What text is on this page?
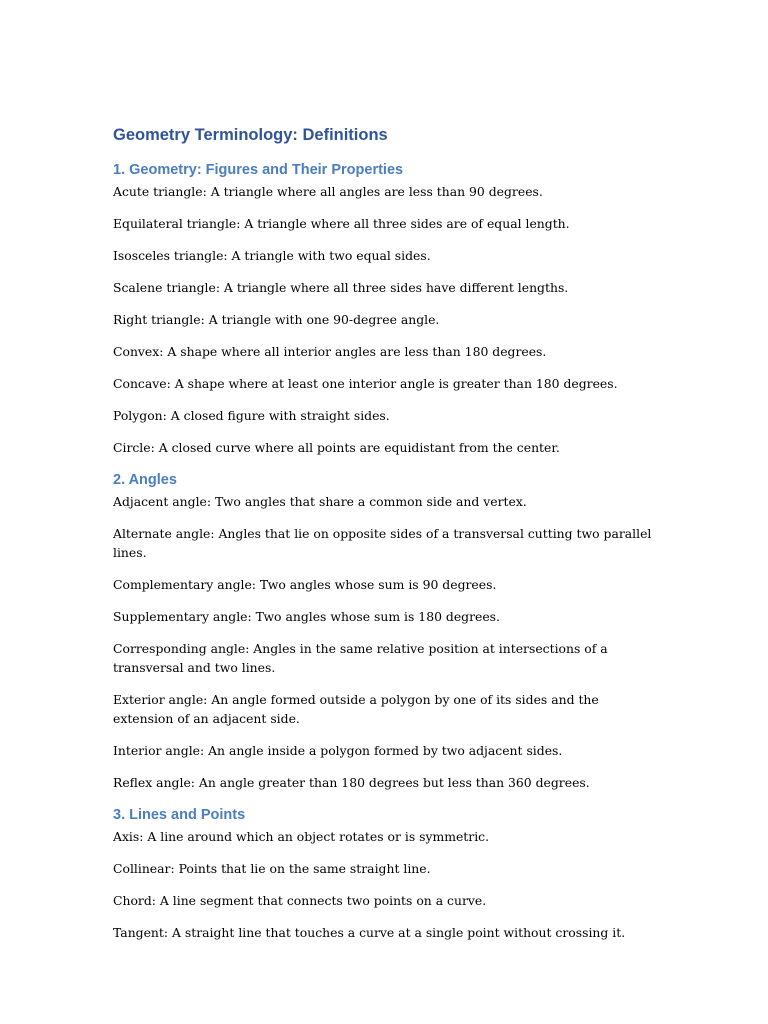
Geometry Terminology: Definitions
1. Geometry: Figures and Their Properties

Acute triangle: A triangle where all angles are less than 90 degrees.

Equilateral triangle: A triangle where all three sides are of equal length.

Isosceles triangle: A triangle with two equal sides.

Scalene triangle: A triangle where all three sides have different lengths.

Right triangle: A triangle with one 90-degree angle.

Convex: A shape where all interior angles are less than 180 degrees.

Concave: A shape where at least one interior angle is greater than 180 degrees.

Polygon: A closed figure with straight sides.

Circle: A closed curve where all points are equidistant from the center.

2. Angles

Adjacent angle: Two angles that share a common side and vertex.

Alternate angle: Angles that lie on opposite sides of a transversal cutting two parallel lines.

Complementary angle: Two angles whose sum is 90 degrees.

Supplementary angle: Two angles whose sum is 180 degrees.

Corresponding angle: Angles in the same relative position at intersections of a transversal and two lines.

Exterior angle: An angle formed outside a polygon by one of its sides and the extension of an adjacent side.

Interior angle: An angle inside a polygon formed by two adjacent sides.

Reflex angle: An angle greater than 180 degrees but less than 360 degrees.

3. Lines and Points

Axis: A line around which an object rotates or is symmetric.

Collinear: Points that lie on the same straight line.

Chord: A line segment that connects two points on a curve.

Tangent: A straight line that touches a curve at a single point without crossing it.
